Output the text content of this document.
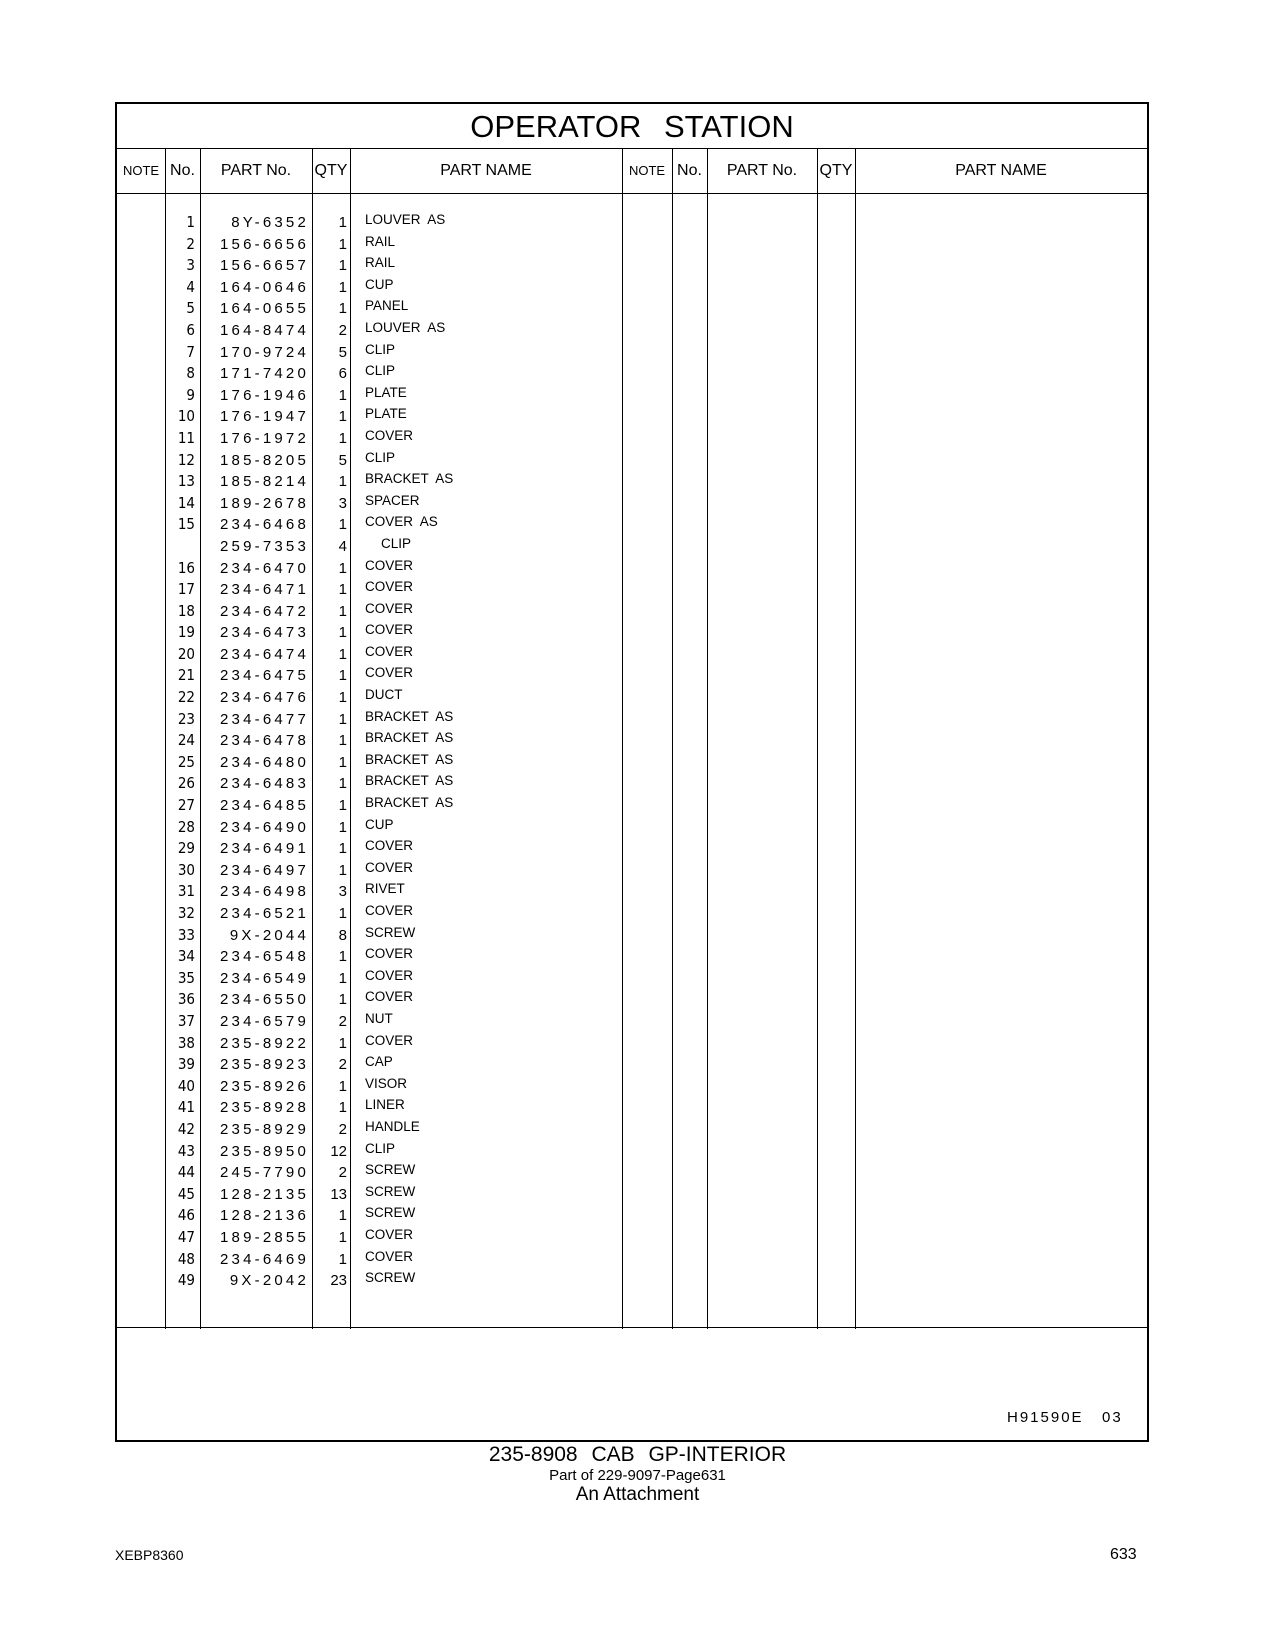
OPERATOR STATION
NOTE No.	PART No.	QTY	PART NAME	NOTE No.	PART No.	QTY	PART NAME
1	8Y-6352	1 LOUVER  AS
2	156-6656	1 RAIL
3	156-6657	1 RAIL
4	164-0646	1 CUP
5	164-0655	1 PANEL
6	164-8474	2 LOUVER  AS
7	170-9724	5 CLIP
8	171-7420	6 CLIP
9	176-1946	1 PLATE
10	176-1947	1 PLATE
11	176-1972	1 COVER
12	185-8205	5 CLIP
13	185-8214	1 BRACKET  AS
14	189-2678	3 SPACER
15	234-6468	1 COVER  AS
259-7353	4	CLIP
16	234-6470	1 COVER
17	234-6471	1 COVER
18	234-6472	1 COVER
19	234-6473	1 COVER
20	234-6474	1 COVER
21	234-6475	1 COVER
22	234-6476	1 DUCT
23	234-6477	1 BRACKET  AS
24	234-6478	1 BRACKET  AS
25	234-6480	1 BRACKET  AS
26	234-6483	1 BRACKET  AS
27	234-6485	1 BRACKET  AS
28	234-6490	1 CUP
29	234-6491	1 COVER
30	234-6497	1 COVER
31	234-6498	3 RIVET
32	234-6521	1 COVER
33	9X-2044	8 SCREW
34	234-6548	1 COVER
35	234-6549	1 COVER
36	234-6550	1 COVER
37	234-6579	2 NUT
38	235-8922	1 COVER
39	235-8923	2 CAP
40	235-8926	1 VISOR
41	235-8928	1 LINER
42	235-8929	2 HANDLE
43	235-8950	12 CLIP
44	245-7790	2 SCREW
45	128-2135	13 SCREW
46	128-2136	1 SCREW
47	189-2855	1 COVER
48	234-6469	1 COVER
49	9X-2042	23 SCREW
H91590E   03
235-8908 CAB GP-INTERIOR
Part of 229-9097-Page631
An Attachment
XEBP8360	633
